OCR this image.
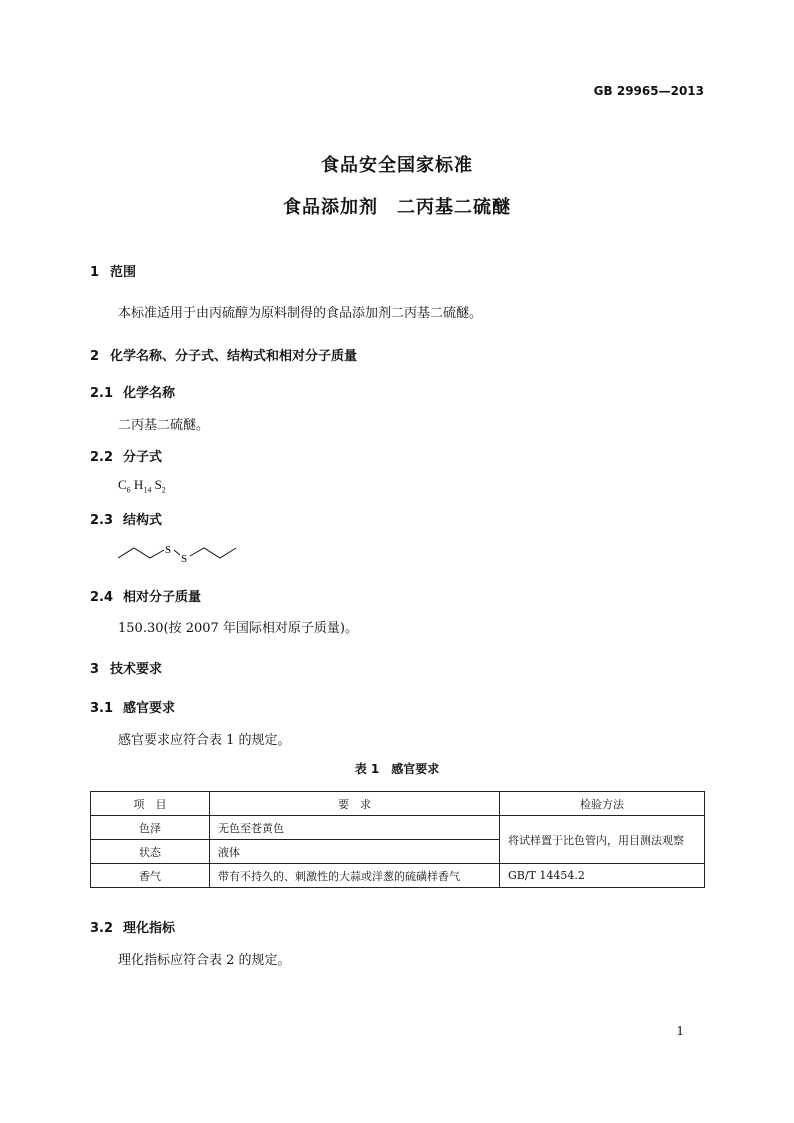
GB 29965—2013
食品安全国家标准
食品添加剂　二丙基二硫醚
1 范围
本标准适用于由丙硫醇为原料制得的食品添加剂二丙基二硫醚。
2 化学名称、分子式、结构式和相对分子质量
2.1 化学名称
二丙基二硫醚。
2.2 分子式
$C_6$ $H_{14}$ $S_2$
2.3 结构式
S
S
2.4 相对分子质量
150.30(按 2007 年国际相对原子质量)。
3 技术要求
3.1 感官要求
感官要求应符合表 1 的规定。
表 1　感官要求
项　目	要　求	检验方法
色泽	无色至苍黄色	将试样置于比色管内，用目测法观察
状态	液体	
香气	带有不持久的、刺激性的大蒜或洋葱的硫磺样香气	GB/T 14454.2
3.2 理化指标
理化指标应符合表 2 的规定。
1
